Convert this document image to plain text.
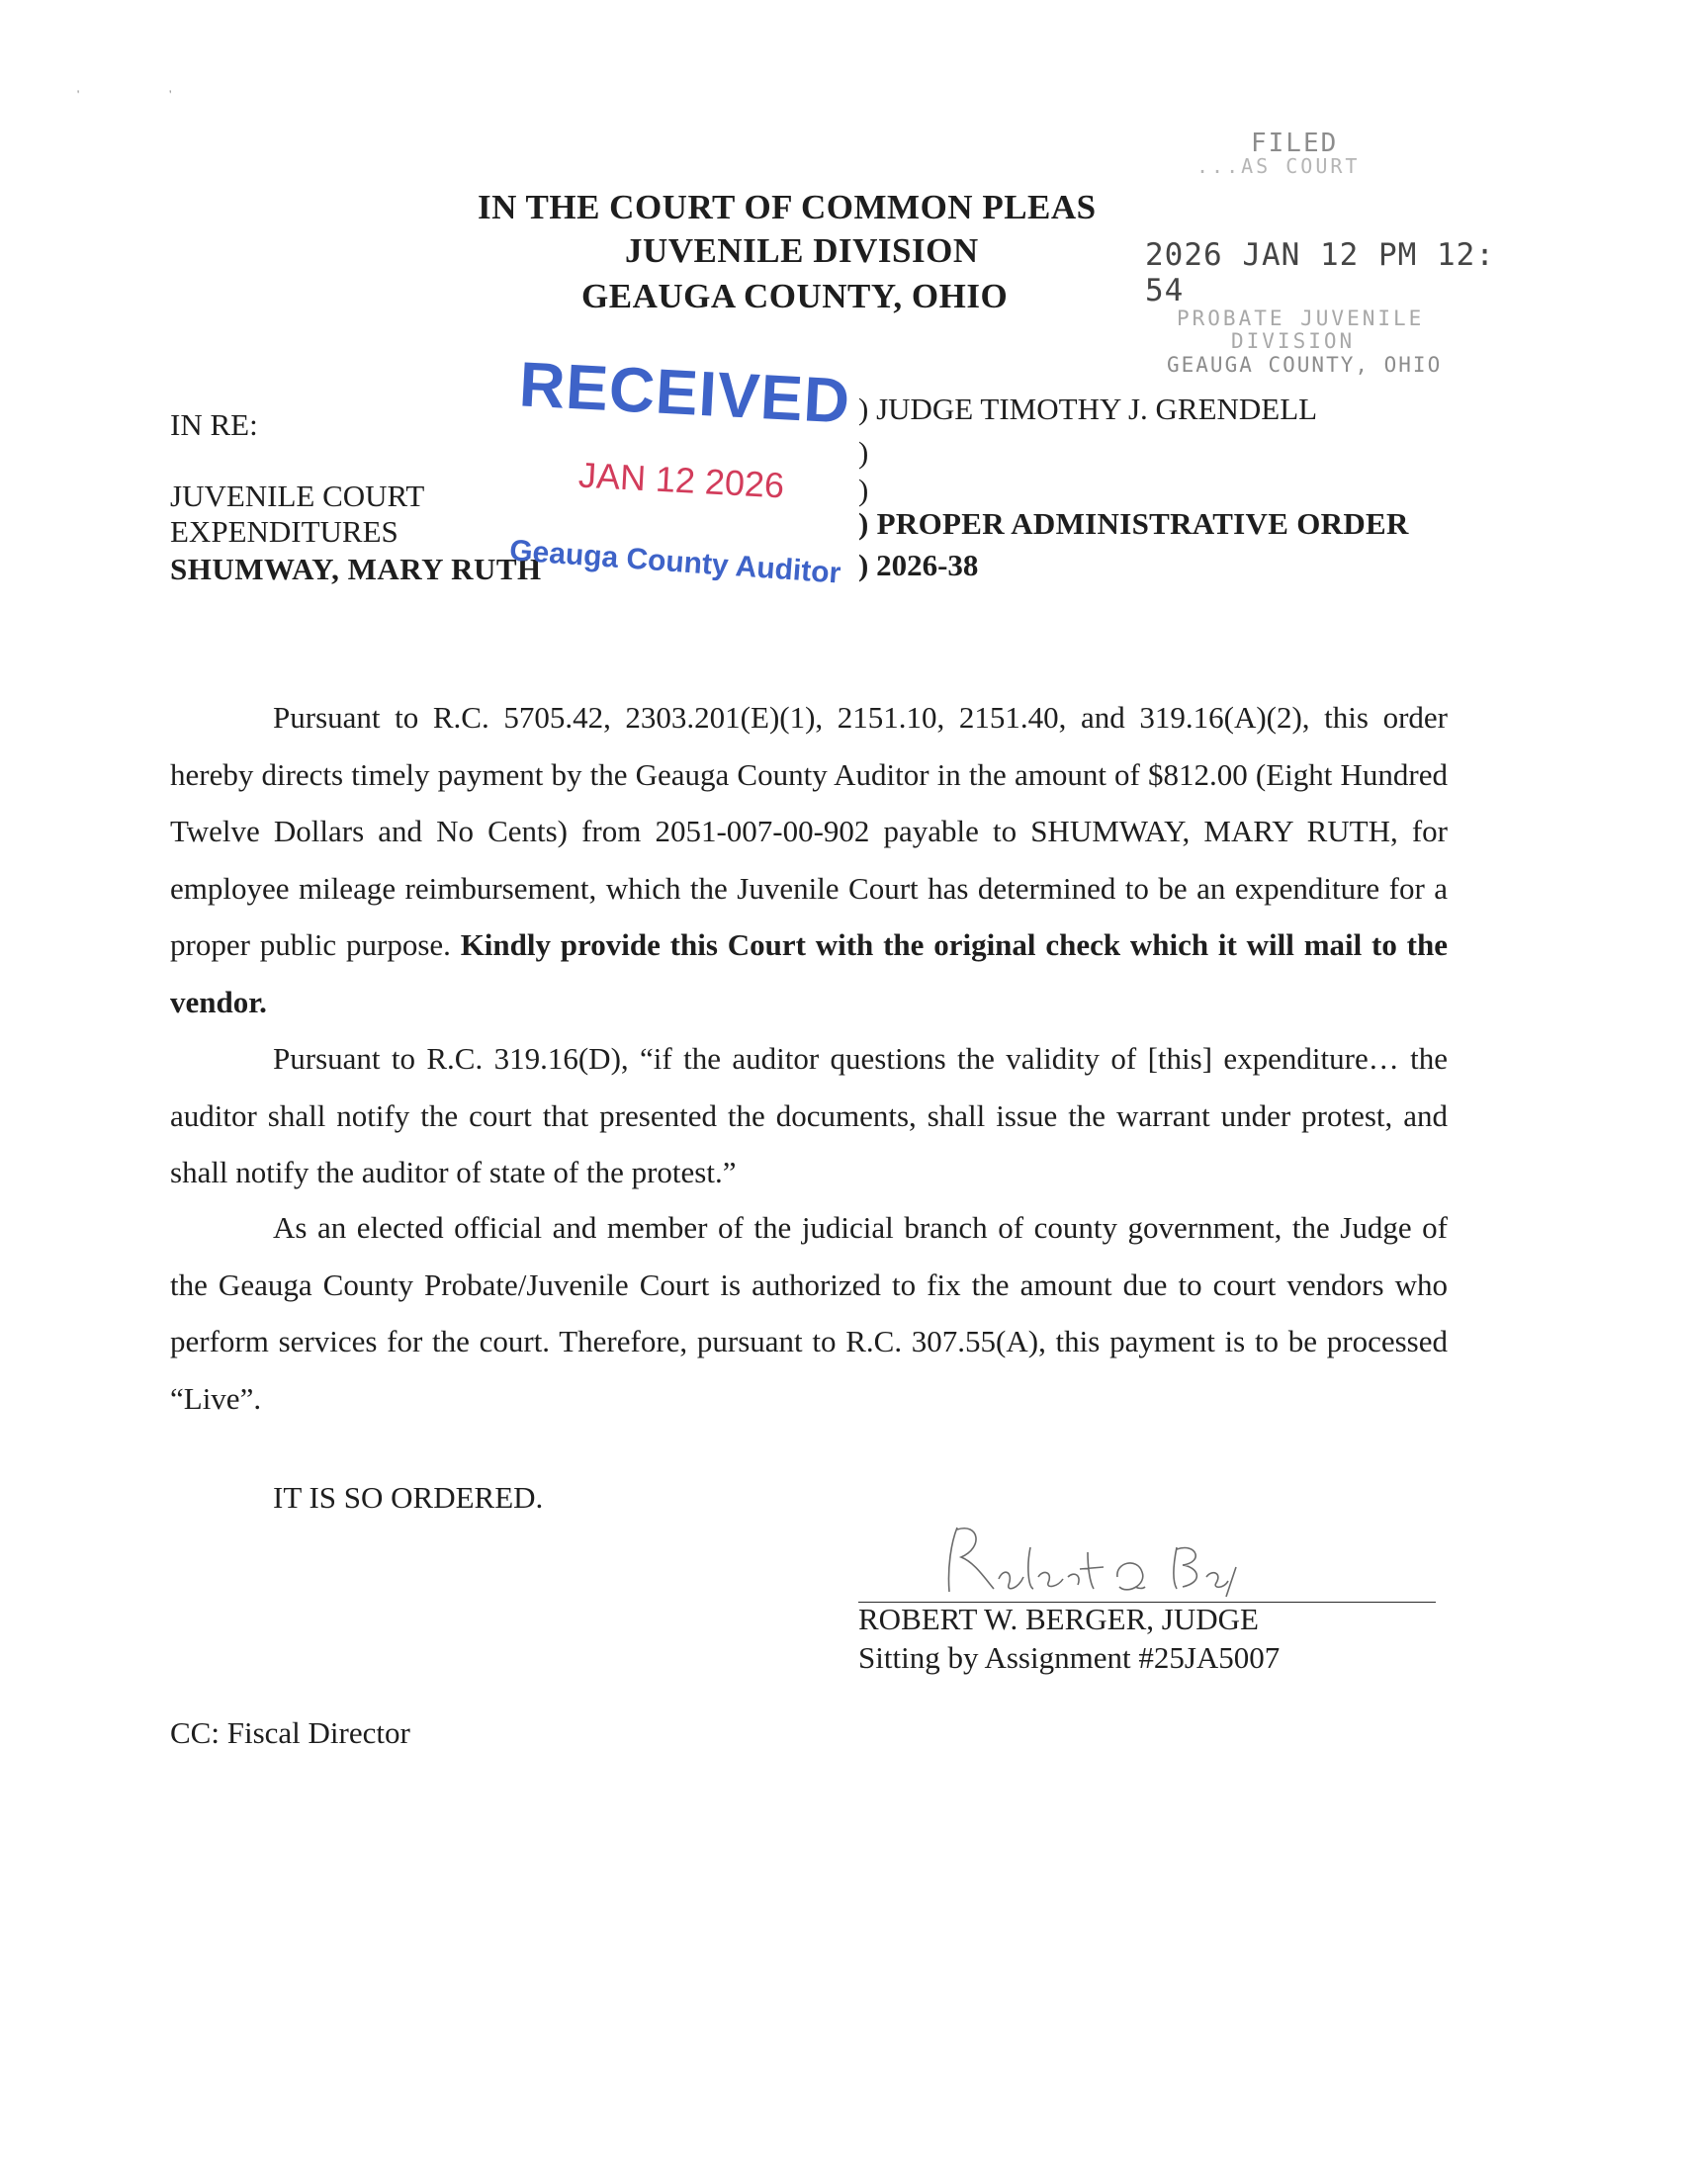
'	'
IN THE COURT OF COMMON PLEAS
JUVENILE DIVISION
GEAUGA COUNTY, OHIO
FILED
...AS COURT
2026 JAN 12 PM 12: 54
PROBATE JUVENILE
DIVISION
GEAUGA COUNTY, OHIO
IN RE:
JUVENILE COURT
EXPENDITURES
SHUMWAY, MARY RUTH
) JUDGE TIMOTHY J. GRENDELL
)
)
) PROPER ADMINISTRATIVE ORDER
) 2026-38
RECEIVED
JAN 12 2026
Geauga County Auditor
Pursuant to R.C. 5705.42, 2303.201(E)(1), 2151.10, 2151.40, and 319.16(A)(2), this order hereby directs timely payment by the Geauga County Auditor in the amount of $812.00 (Eight Hundred Twelve Dollars and No Cents) from 2051-007-00-902 payable to SHUMWAY, MARY RUTH, for employee mileage reimbursement, which the Juvenile Court has determined to be an expenditure for a proper public purpose. Kindly provide this Court with the original check which it will mail to the vendor.
Pursuant to R.C. 319.16(D), “if the auditor questions the validity of [this] expenditure… the auditor shall notify the court that presented the documents, shall issue the warrant under protest, and shall notify the auditor of state of the protest.”
As an elected official and member of the judicial branch of county government, the Judge of the Geauga County Probate/Juvenile Court is authorized to fix the amount due to court vendors who perform services for the court. Therefore, pursuant to R.C. 307.55(A), this payment is to be processed “Live”.
IT IS SO ORDERED.
ROBERT W. BERGER, JUDGE
Sitting by Assignment #25JA5007
CC: Fiscal Director
